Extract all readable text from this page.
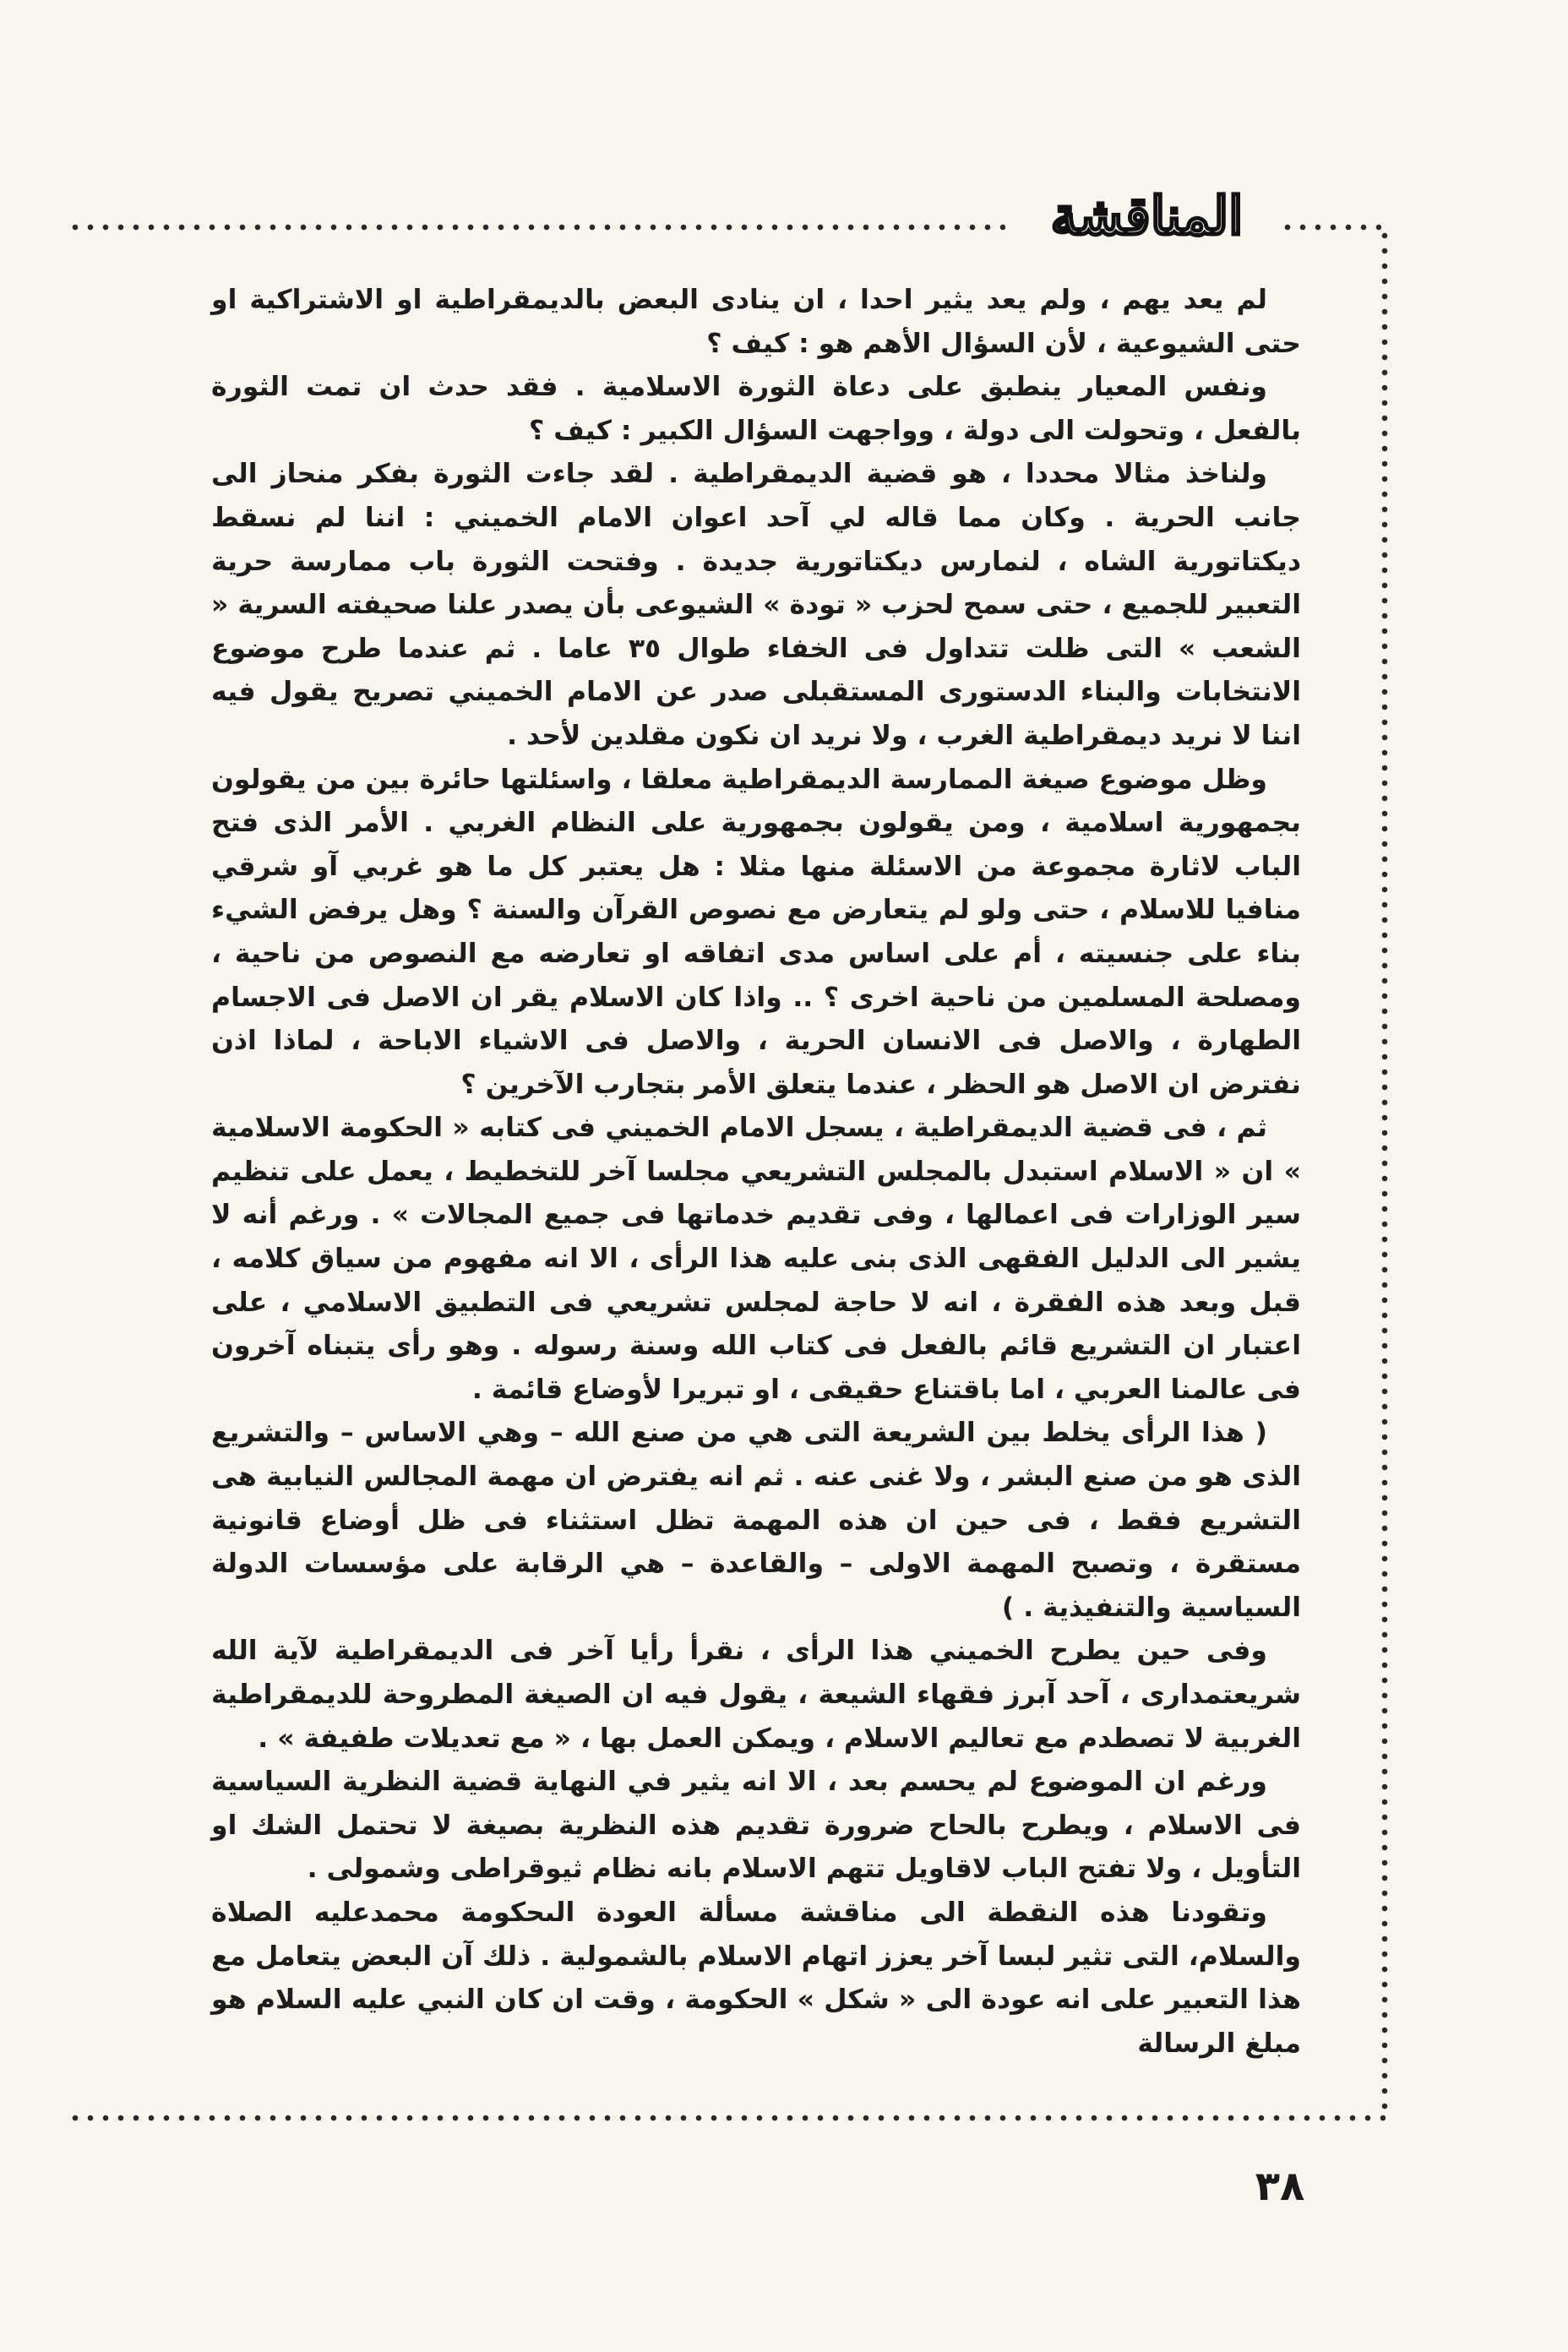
المناقشة

لم يعد يهم ، ولم يعد يثير احدا ، ان ينادى البعض بالديمقراطية او الاشتراكية او حتى الشيوعية ، لأن السؤال الأهم هو : كيف ؟

ونفس المعيار ينطبق على دعاة الثورة الاسلامية . فقد حدث ان تمت الثورة بالفعل ، وتحولت الى دولة ، وواجهت السؤال الكبير : كيف ؟

ولناخذ مثالا محددا ، هو قضية الديمقراطية . لقد جاءت الثورة بفكر منحاز الى جانب الحرية . وكان مما قاله لي آحد اعوان الامام الخميني : اننا لم نسقط ديكتاتورية الشاه ، لنمارس ديكتاتورية جديدة . وفتحت الثورة باب ممارسة حرية التعبير للجميع ، حتى سمح لحزب « تودة » الشيوعى بأن يصدر علنا صحيفته السرية « الشعب » التى ظلت تتداول فى الخفاء طوال ٣٥ عاما . ثم عندما طرح موضوع الانتخابات والبناء الدستورى المستقبلى صدر عن الامام الخميني تصريح يقول فيه اننا لا نريد ديمقراطية الغرب ، ولا نريد ان نكون مقلدين لأحد .

وظل موضوع صيغة الممارسة الديمقراطية معلقا ، واسئلتها حائرة بين من يقولون بجمهورية اسلامية ، ومن يقولون بجمهورية على النظام الغربي . الأمر الذى فتح الباب لاثارة مجموعة من الاسئلة منها مثلا : هل يعتبر كل ما هو غربي آو شرقي منافيا للاسلام ، حتى ولو لم يتعارض مع نصوص القرآن والسنة ؟ وهل يرفض الشيء بناء على جنسيته ، أم على اساس مدى اتفاقه او تعارضه مع النصوص من ناحية ، ومصلحة المسلمين من ناحية اخرى ؟ .. واذا كان الاسلام يقر ان الاصل فى الاجسام الطهارة ، والاصل فى الانسان الحرية ، والاصل فى الاشياء الاباحة ، لماذا اذن نفترض ان الاصل هو الحظر ، عندما يتعلق الأمر بتجارب الآخرين ؟

ثم ، فى قضية الديمقراطية ، يسجل الامام الخميني فى كتابه « الحكومة الاسلامية » ان « الاسلام استبدل بالمجلس التشريعي مجلسا آخر للتخطيط ، يعمل على تنظيم سير الوزارات فى اعمالها ، وفى تقديم خدماتها فى جميع المجالات » . ورغم أنه لا يشير الى الدليل الفقهى الذى بنى عليه هذا الرأى ، الا انه مفهوم من سياق كلامه ، قبل وبعد هذه الفقرة ، انه لا حاجة لمجلس تشريعي فى التطبيق الاسلامي ، على اعتبار ان التشريع قائم بالفعل فى كتاب الله وسنة رسوله . وهو رأى يتبناه آخرون فى عالمنا العربي ، اما باقتناع حقيقى ، او تبريرا لأوضاع قائمة .

( هذا الرأى يخلط بين الشريعة التى هي من صنع الله – وهي الاساس – والتشريع الذى هو من صنع البشر ، ولا غنى عنه . ثم انه يفترض ان مهمة المجالس النيابية هى التشريع فقط ، فى حين ان هذه المهمة تظل استثناء فى ظل أوضاع قانونية مستقرة ، وتصبح المهمة الاولى – والقاعدة – هي الرقابة على مؤسسات الدولة السياسية والتنفيذية . )

وفى حين يطرح الخميني هذا الرأى ، نقرأ رأيا آخر فى الديمقراطية لآية الله شريعتمدارى ، آحد آبرز فقهاء الشيعة ، يقول فيه ان الصيغة المطروحة للديمقراطية الغربية لا تصطدم مع تعاليم الاسلام ، ويمكن العمل بها ، « مع تعديلات طفيفة » .

ورغم ان الموضوع لم يحسم بعد ، الا انه يثير في النهاية قضية النظرية السياسية فى الاسلام ، ويطرح بالحاح ضرورة تقديم هذه النظرية بصيغة لا تحتمل الشك او التأويل ، ولا تفتح الباب لاقاويل تتهم الاسلام بانه نظام ثيوقراطى وشمولى .

وتقودنا هذه النقطة الى مناقشة مسألة العودة الىحكومة محمدعليه الصلاة والسلام، التى تثير لبسا آخر يعزز اتهام الاسلام بالشمولية . ذلك آن البعض يتعامل مع هذا التعبير على انه عودة الى « شكل » الحكومة ، وقت ان كان النبي عليه السلام هو مبلغ الرسالة

٣٨
